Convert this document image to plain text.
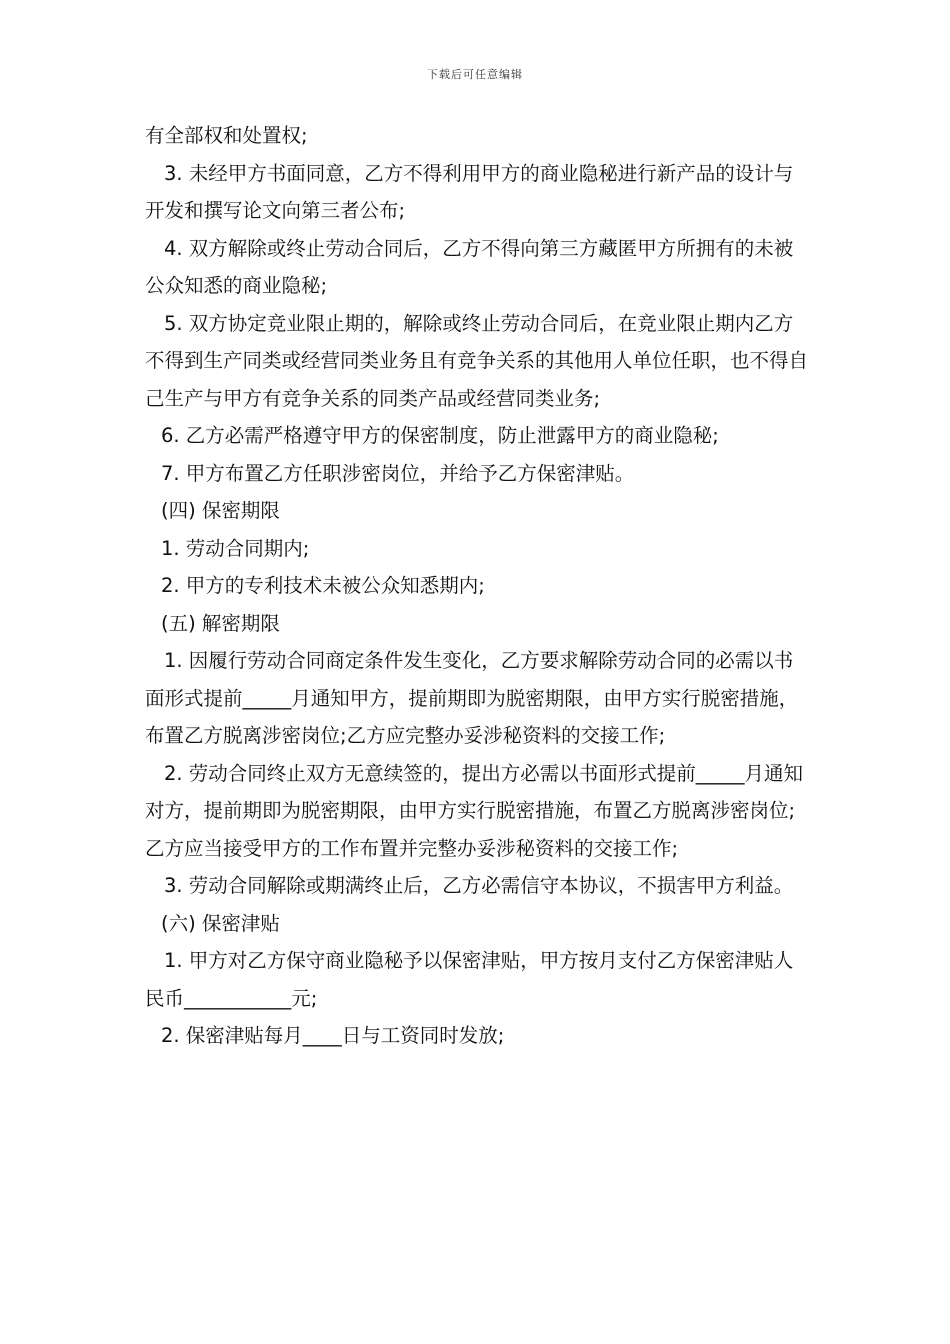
下载后可任意编辑

有全部权和处置权;

3. 未经甲方书面同意，乙方不得利用甲方的商业隐秘进行新产品的设计与开发和撰写论文向第三者公布;

4. 双方解除或终止劳动合同后，乙方不得向第三方藏匿甲方所拥有的未被公众知悉的商业隐秘;

5. 双方协定竞业限止期的，解除或终止劳动合同后，在竞业限止期内乙方不得到生产同类或经营同类业务且有竞争关系的其他用人单位任职，也不得自己生产与甲方有竞争关系的同类产品或经营同类业务;

6. 乙方必需严格遵守甲方的保密制度，防止泄露甲方的商业隐秘;

7. 甲方布置乙方任职涉密岗位，并给予乙方保密津贴。

(四) 保密期限

1. 劳动合同期内;

2. 甲方的专利技术未被公众知悉期内;

(五) 解密期限

1. 因履行劳动合同商定条件发生变化，乙方要求解除劳动合同的必需以书面形式提前_____月通知甲方，提前期即为脱密期限，由甲方实行脱密措施，布置乙方脱离涉密岗位;乙方应完整办妥涉秘资料的交接工作;

2. 劳动合同终止双方无意续签的，提出方必需以书面形式提前_____月通知对方，提前期即为脱密期限，由甲方实行脱密措施，布置乙方脱离涉密岗位;乙方应当接受甲方的工作布置并完整办妥涉秘资料的交接工作;

3. 劳动合同解除或期满终止后，乙方必需信守本协议，不损害甲方利益。

(六) 保密津贴

1. 甲方对乙方保守商业隐秘予以保密津贴，甲方按月支付乙方保密津贴人民币___________元;

2. 保密津贴每月____日与工资同时发放;
